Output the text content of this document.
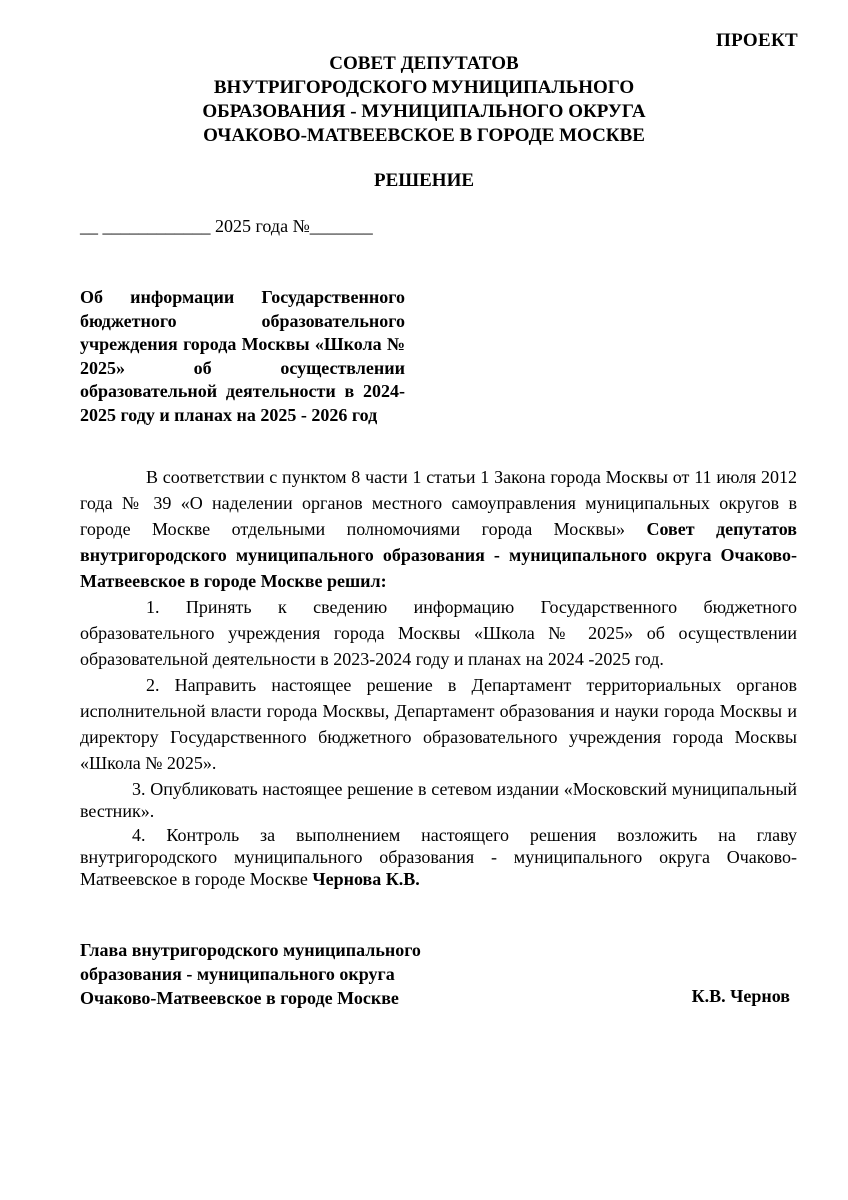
ПРОЕКТ
СОВЕТ ДЕПУТАТОВ
ВНУТРИГОРОДСКОГО МУНИЦИПАЛЬНОГО
ОБРАЗОВАНИЯ - МУНИЦИПАЛЬНОГО ОКРУГА
ОЧАКОВО-МАТВЕЕВСКОЕ В ГОРОДЕ МОСКВЕ
РЕШЕНИЕ
__ ____________ 2025 года №_______
Об информации Государственного бюджетного образовательного учреждения города Москвы «Школа № 2025» об осуществлении образовательной деятельности в 2024-2025 году и планах на 2025 - 2026 год

В соответствии с пунктом 8 части 1 статьи 1 Закона города Москвы от 11 июля 2012 года № 39 «О наделении органов местного самоуправления муниципальных округов в городе Москве отдельными полномочиями города Москвы» Совет депутатов внутригородского муниципального образования - муниципального округа Очаково-Матвеевское в городе Москве решил:

1. Принять к сведению информацию Государственного бюджетного образовательного учреждения города Москвы «Школа № 2025» об осуществлении образовательной деятельности в 2023-2024 году и планах на 2024 -2025 год.

2. Направить настоящее решение в Департамент территориальных органов исполнительной власти города Москвы, Департамент образования и науки города Москвы и директору Государственного бюджетного образовательного учреждения города Москвы «Школа № 2025».

3. Опубликовать настоящее решение в сетевом издании «Московский муниципальный вестник».

4. Контроль за выполнением настоящего решения возложить на главу внутригородского муниципального образования - муниципального округа Очаково-Матвеевское в городе Москве Чернова К.В.

Глава внутригородского муниципального
образования - муниципального округа
Очаково-Матвеевское в городе Москве	К.В. Чернов
